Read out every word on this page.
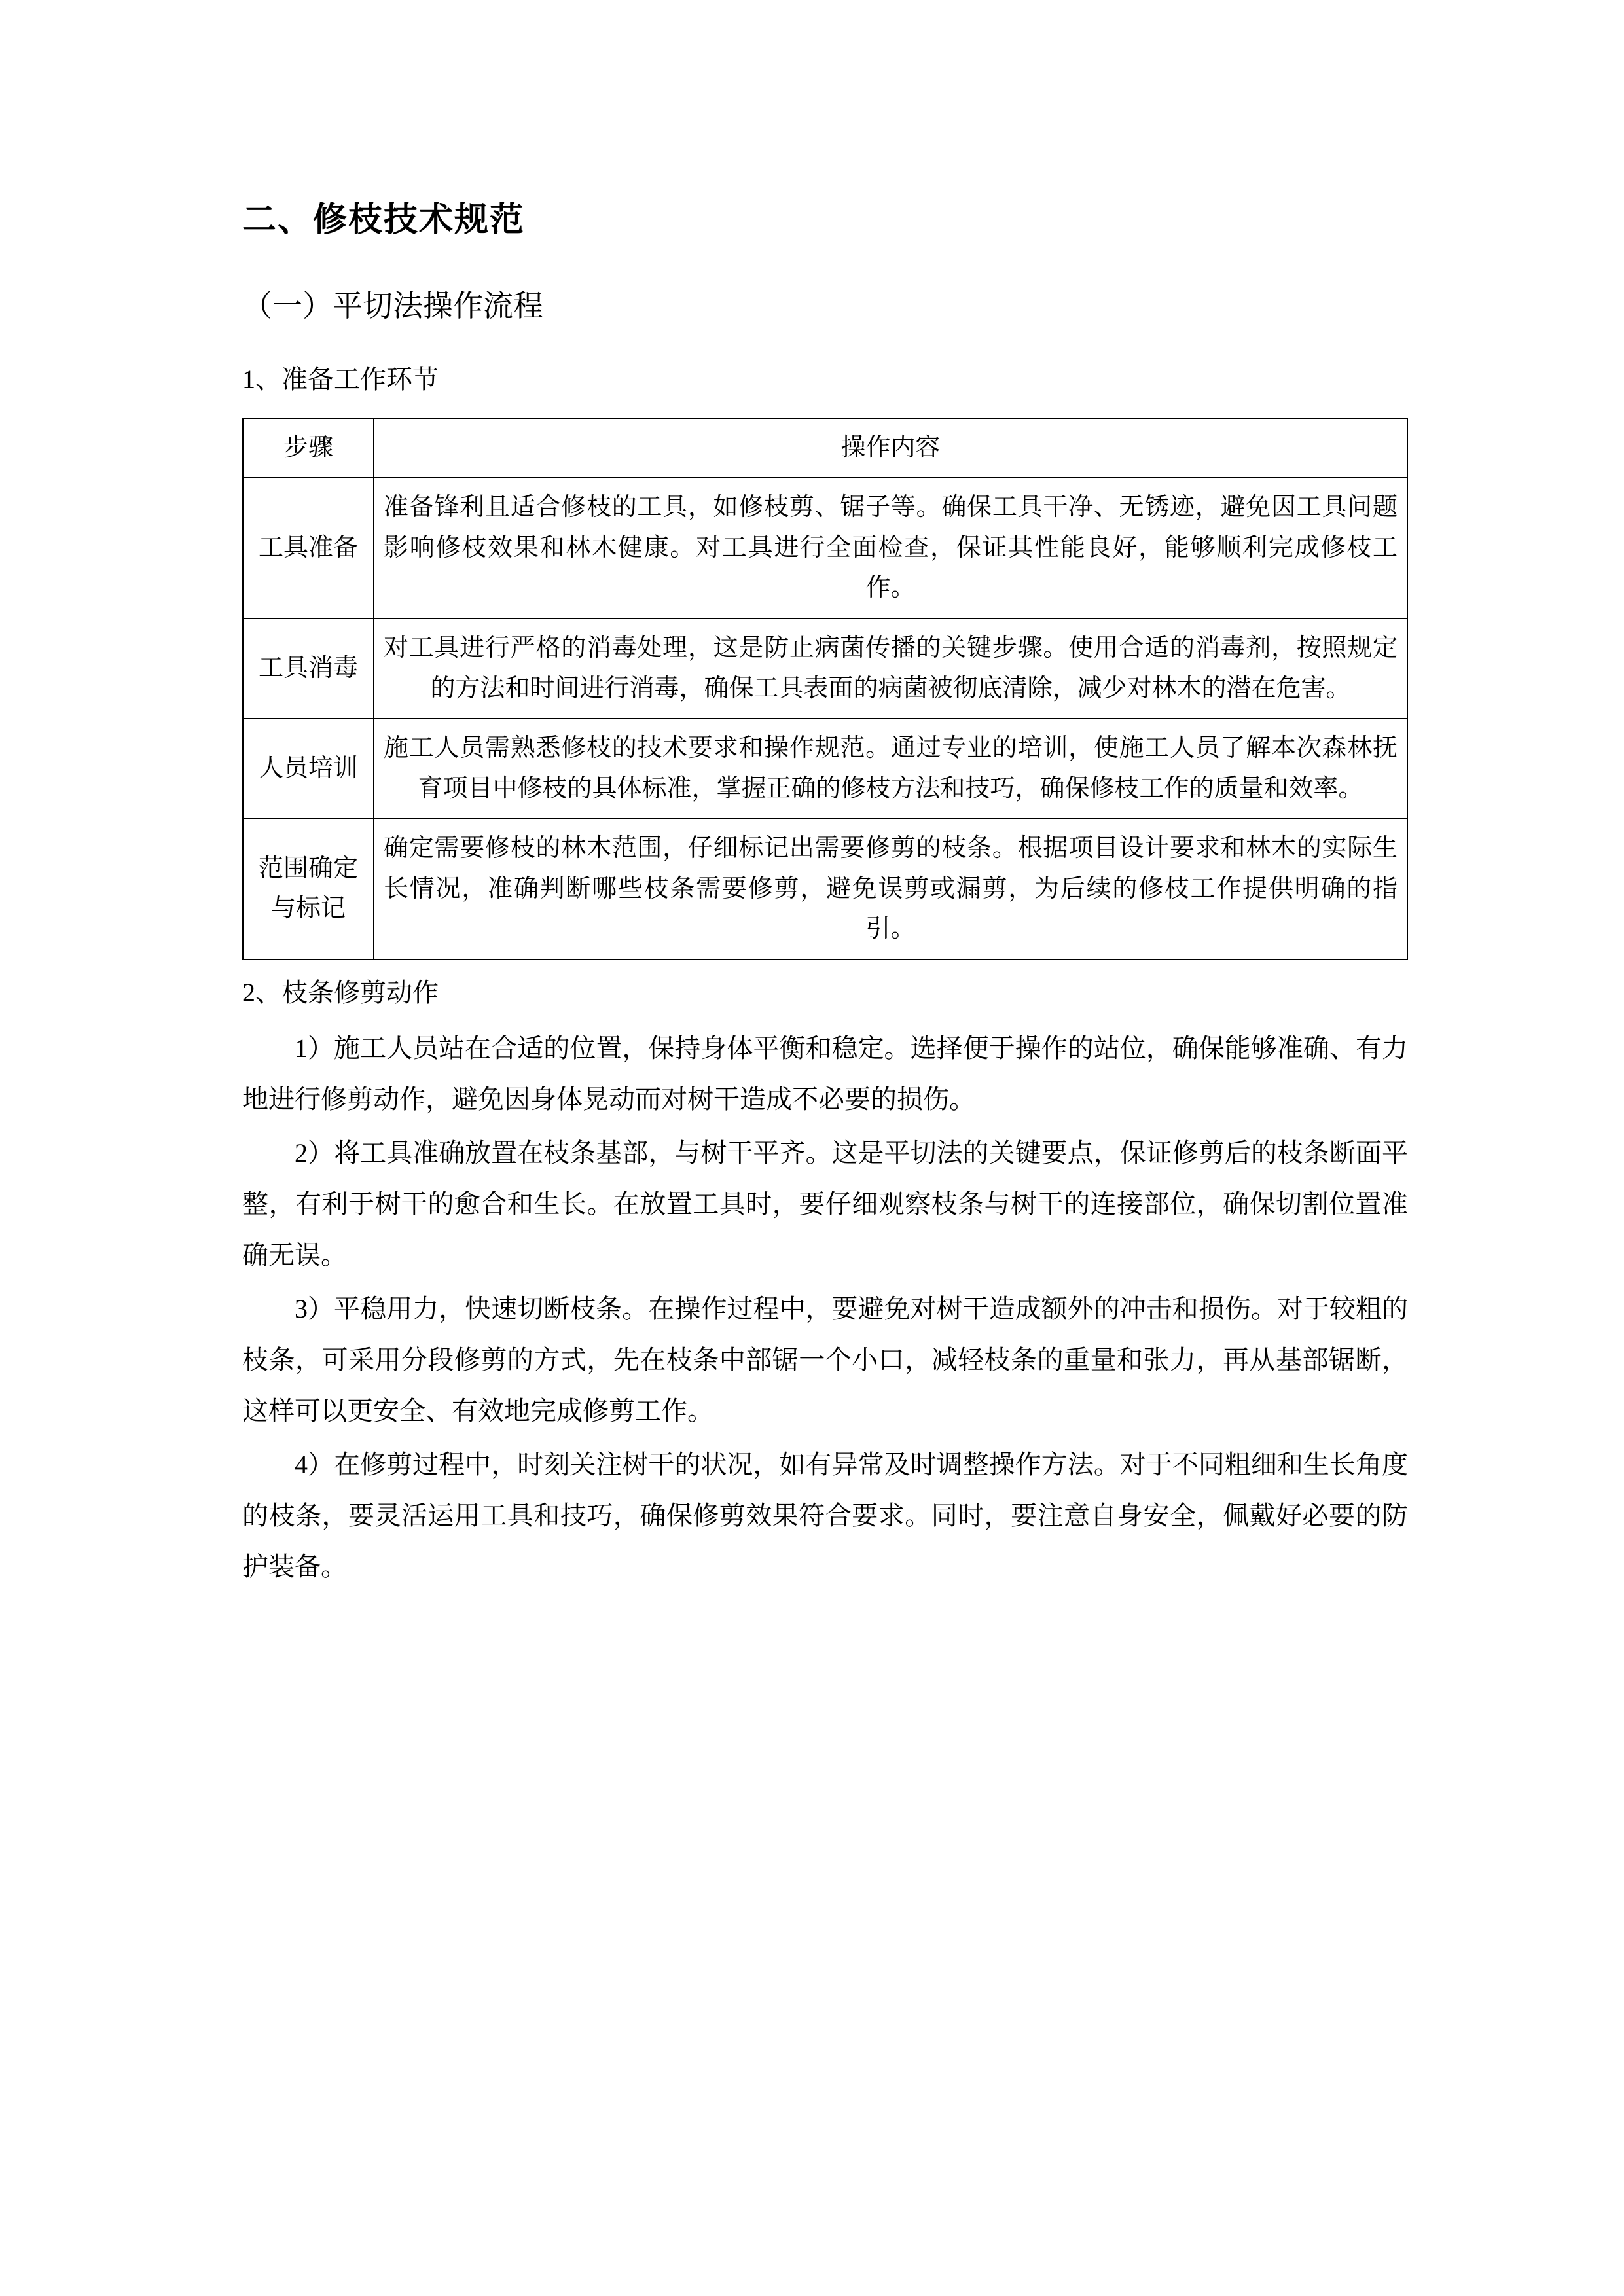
二、修枝技术规范
（一）平切法操作流程
1、准备工作环节
步骤	操作内容
工具准备	准备锋利且适合修枝的工具，如修枝剪、锯子等。确保工具干净、无锈迹，避免因工具问题影响修枝效果和林木健康。对工具进行全面检查，保证其性能良好，能够顺利完成修枝工作。
工具消毒	对工具进行严格的消毒处理，这是防止病菌传播的关键步骤。使用合适的消毒剂，按照规定的方法和时间进行消毒，确保工具表面的病菌被彻底清除，减少对林木的潜在危害。
人员培训	施工人员需熟悉修枝的技术要求和操作规范。通过专业的培训，使施工人员了解本次森林抚育项目中修枝的具体标准，掌握正确的修枝方法和技巧，确保修枝工作的质量和效率。
范围确定与标记	确定需要修枝的林木范围，仔细标记出需要修剪的枝条。根据项目设计要求和林木的实际生长情况，准确判断哪些枝条需要修剪，避免误剪或漏剪，为后续的修枝工作提供明确的指引。
2、枝条修剪动作

1）施工人员站在合适的位置，保持身体平衡和稳定。选择便于操作的站位，确保能够准确、有力地进行修剪动作，避免因身体晃动而对树干造成不必要的损伤。

2）将工具准确放置在枝条基部，与树干平齐。这是平切法的关键要点，保证修剪后的枝条断面平整，有利于树干的愈合和生长。在放置工具时，要仔细观察枝条与树干的连接部位，确保切割位置准确无误。

3）平稳用力，快速切断枝条。在操作过程中，要避免对树干造成额外的冲击和损伤。对于较粗的枝条，可采用分段修剪的方式，先在枝条中部锯一个小口，减轻枝条的重量和张力，再从基部锯断，这样可以更安全、有效地完成修剪工作。

4）在修剪过程中，时刻关注树干的状况，如有异常及时调整操作方法。对于不同粗细和生长角度的枝条，要灵活运用工具和技巧，确保修剪效果符合要求。同时，要注意自身安全，佩戴好必要的防护装备。
